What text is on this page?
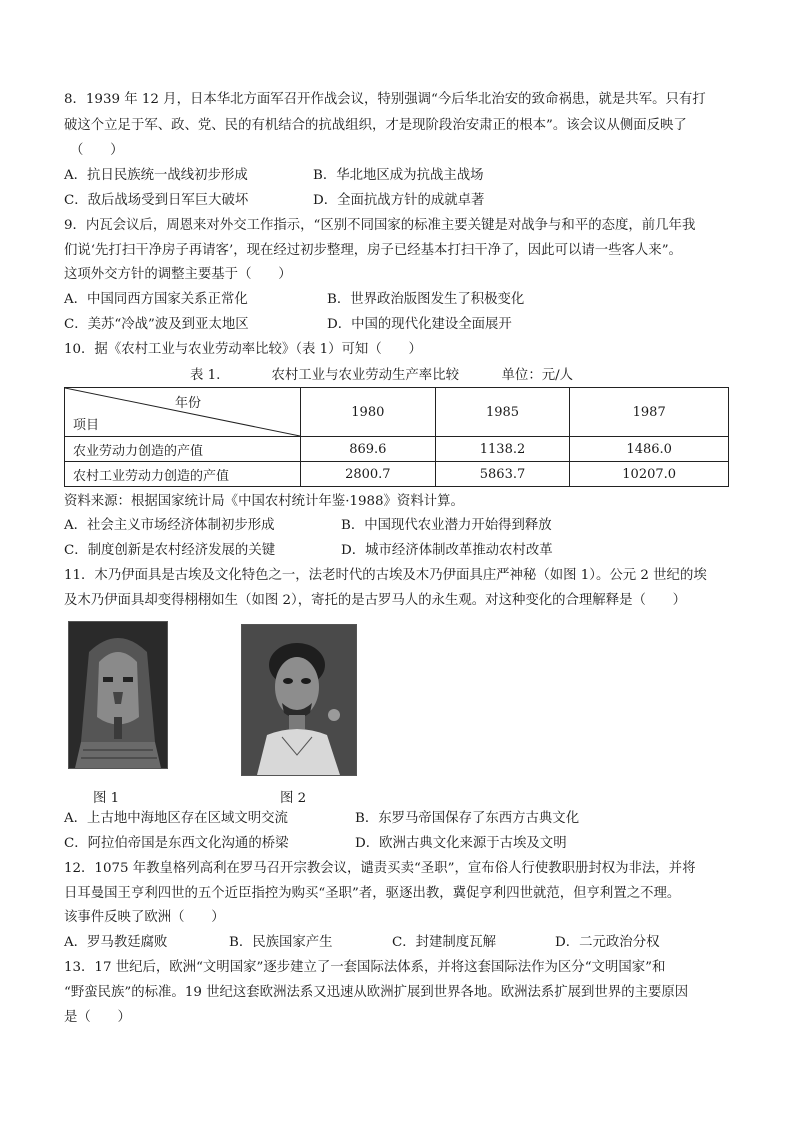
8．1939 年 12 月，日本华北方面军召开作战会议，特别强调“今后华北治安的致命祸患，就是共军。只有打
破这个立足于军、政、党、民的有机结合的抗战组织，才是现阶段治安肃正的根本”。该会议从侧面反映了
（　　）
A．抗日民族统一战线初步形成	B．华北地区成为抗战主战场
C．敌后战场受到日军巨大破坏	D．全面抗战方针的成就卓著
9．内瓦会议后，周恩来对外交工作指示，“区别不同国家的标准主要关键是对战争与和平的态度，前几年我
们说‘先打扫干净房子再请客’，现在经过初步整理，房子已经基本打扫干净了，因此可以请一些客人来”。
这项外交方针的调整主要基于（　　）
A．中国同西方国家关系正常化	B．世界政治版图发生了积极变化
C．美苏“冷战”波及到亚太地区	D．中国的现代化建设全面展开
10．据《农村工业与农业劳动率比较》（表 1）可知（　　）
表 1.            农村工业与农业劳动生产率比较          单位：元/人
年份
项目	1980	1985	1987
农业劳动力创造的产值	869.6	1138.2	1486.0
农村工业劳动力创造的产值	2800.7	5863.7	10207.0
资料来源：根据国家统计局《中国农村统计年鉴·1988》资料计算。
A．社会主义市场经济体制初步形成	B．中国现代农业潜力开始得到释放
C．制度创新是农村经济发展的关键	D．城市经济体制改革推动农村改革
11．木乃伊面具是古埃及文化特色之一，法老时代的古埃及木乃伊面具庄严神秘（如图 1）。公元 2 世纪的埃
及木乃伊面具却变得栩栩如生（如图 2），寄托的是古罗马人的永生观。对这种变化的合理解释是（　　）
图 1	图 2
A．上古地中海地区存在区域文明交流	B．东罗马帝国保存了东西方古典文化
C．阿拉伯帝国是东西文化沟通的桥梁	D．欧洲古典文化来源于古埃及文明
12．1075 年教皇格列高利在罗马召开宗教会议，谴责买卖“圣职”，宣布俗人行使教职册封权为非法，并将
日耳曼国王亨利四世的五个近臣指控为购买“圣职”者，驱逐出教，冀促亨利四世就范，但亨利置之不理。
该事件反映了欧洲（　　）
A．罗马教廷腐败	B．民族国家产生	C．封建制度瓦解	D．二元政治分权
13．17 世纪后，欧洲“文明国家”逐步建立了一套国际法体系，并将这套国际法作为区分“文明国家”和
“野蛮民族”的标准。19 世纪这套欧洲法系又迅速从欧洲扩展到世界各地。欧洲法系扩展到世界的主要原因
是（　　）
